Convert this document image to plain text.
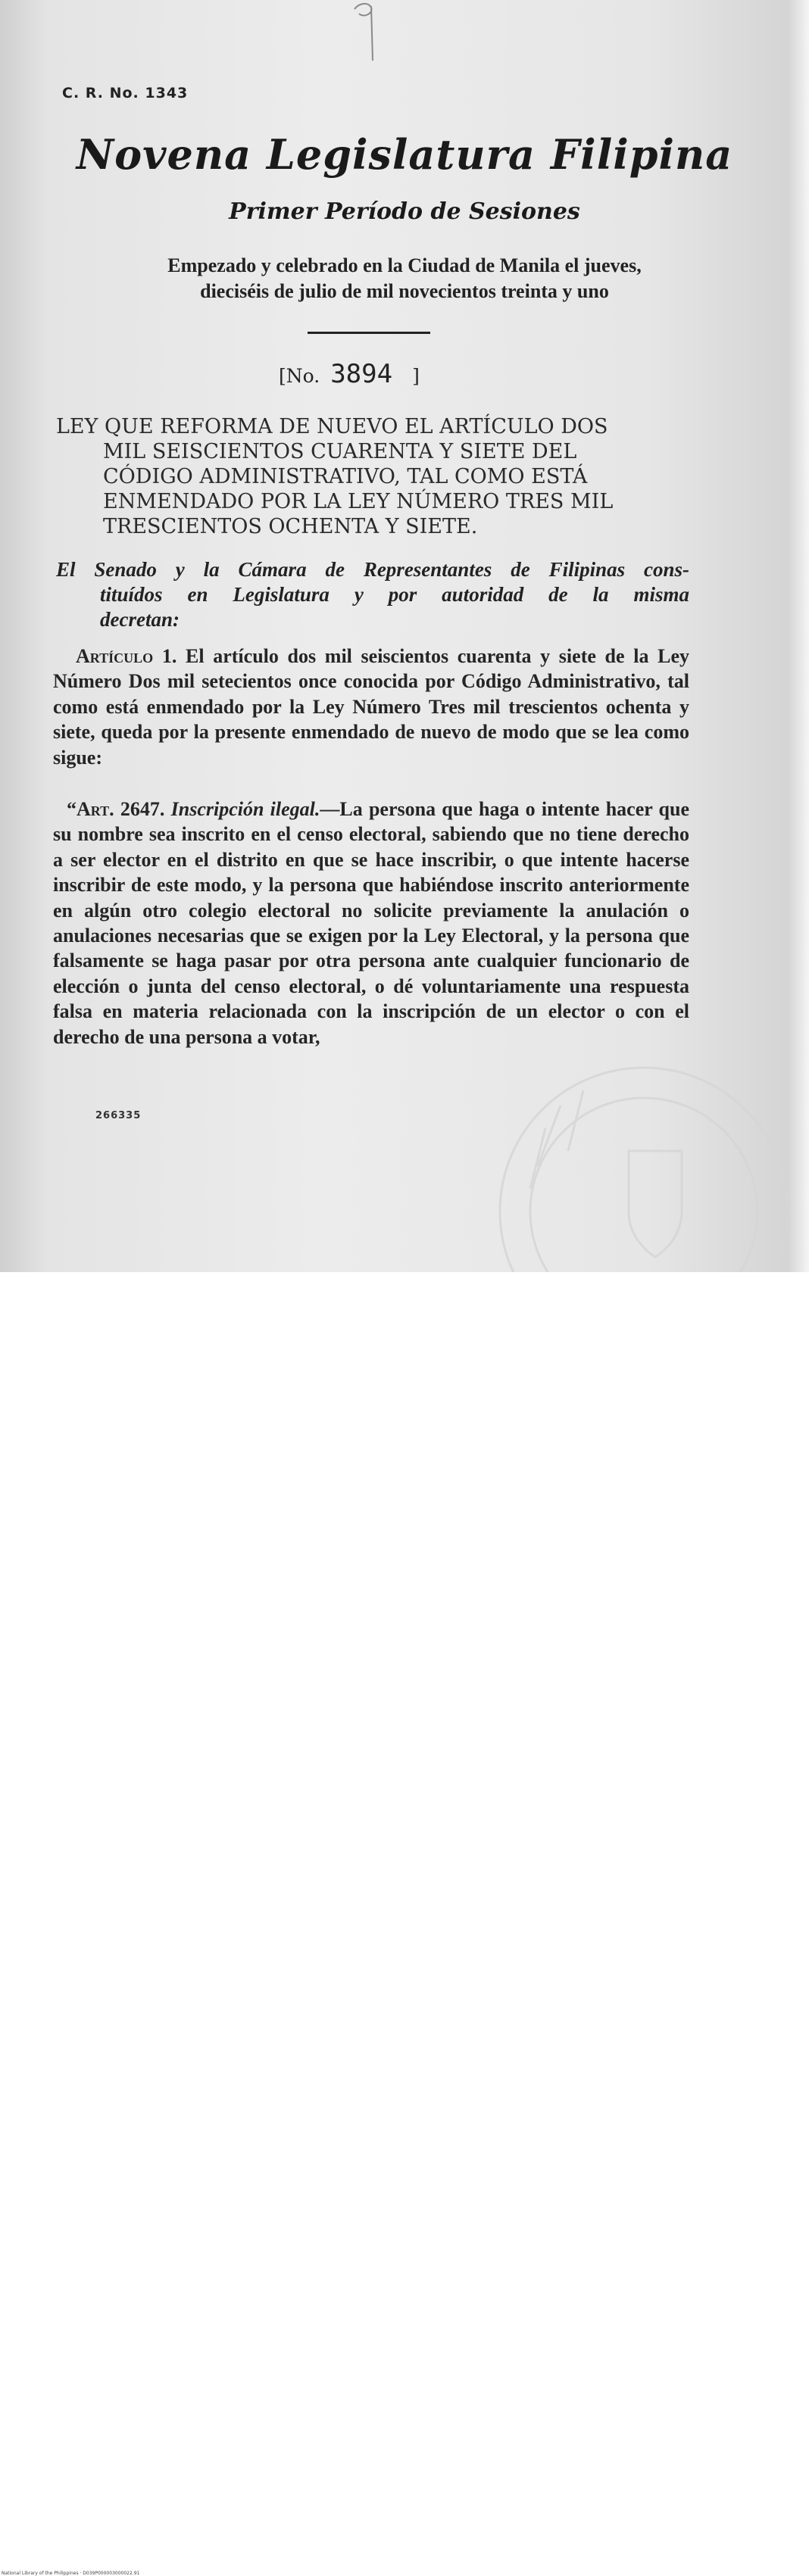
C. R. No. 1343
Novena Legislatura Filipina
Primer Período de Sesiones
Empezado y celebrado en la Ciudad de Manila el jueves,
dieciséis de julio de mil novecientos treinta y uno
[No. 3894 ]
LEY QUE REFORMA DE NUEVO EL ARTÍCULO DOS
MIL SEISCIENTOS CUARENTA Y SIETE DEL
CÓDIGO ADMINISTRATIVO, TAL COMO ESTÁ
ENMENDADO POR LA LEY NÚMERO TRES MIL
TRESCIENTOS OCHENTA Y SIETE.
El Senado y la Cámara de Representantes de Filipinas cons-
tituídos en Legislatura y por autoridad de la misma
decretan:
Artículo 1. El artículo dos mil seiscientos cuarenta y siete de la Ley Número Dos mil setecientos once conocida por Código Administrativo, tal como está enmendado por la Ley Número Tres mil trescientos ochenta y siete, queda por la presente enmendado de nuevo de modo que se lea como sigue:
“Art. 2647. Inscripción ilegal.—La persona que haga o intente hacer que su nombre sea inscrito en el censo electoral, sabiendo que no tiene derecho a ser elector en el distrito en que se hace inscribir, o que intente hacerse inscribir de este modo, y la persona que habiéndose inscrito anteriormente en algún otro colegio electoral no solicite previamente la anulación o anulaciones necesarias que se exigen por la Ley Electoral, y la persona que falsamente se haga pasar por otra persona ante cualquier funcionario de elección o junta del censo electoral, o dé voluntariamente una respuesta falsa en materia relacionada con la inscripción de un elector o con el derecho de una persona a votar,
266335
National Library of the Philippines · D039P000003000022.91
